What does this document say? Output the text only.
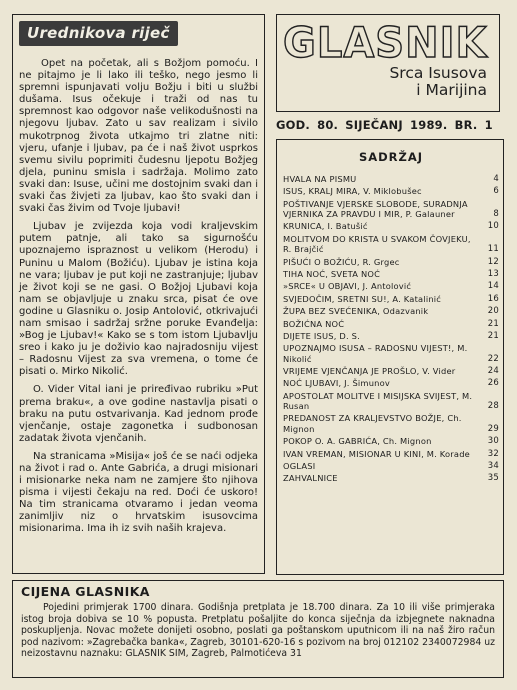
Urednikova riječ

Opet na početak, ali s Božjom pomoću. I ne pitajmo je li lako ili teško, nego jesmo li spremni ispunjavati volju Božju i biti u službi dušama. Isus očekuje i traži od nas tu spremnost kao odgovor naše velikodušnosti na njegovu ljubav. Zato u sav realizam i sivilo mukotrpnog života utkajmo tri zlatne niti: vjeru, ufanje i ljubav, pa će i naš život usprkos svemu sivilu poprimiti čudesnu ljepotu Božjeg djela, puninu smisla i sadržaja. Molimo zato svaki dan: Isuse, učini me dostojnim svaki dan i svaki čas živjeti za ljubav, kao što svaki dan i svaki čas živim od Tvoje ljubavi!

Ljubav je zvijezda koja vodi kraljevskim putem patnje, ali tako sa sigurnošću upoznajemo ispraznost u velikom (Herodu) i Puninu u Malom (Božiću). Ljubav je istina koja ne vara; ljubav je put koji ne zastranjuje; ljubav je život koji se ne gasi. O Božjoj Ljubavi koja nam se objavljuje u znaku srca, pisat će ove godine u Glasniku o. Josip Antolović, otkrivajući nam smisao i sadržaj sržne poruke Evanđelja: »Bog je Ljubav!« Kako se s tom istom Ljubavlju sreo i kako ju je doživio kao najradosniju vijest – Radosnu Vijest za sva vremena, o tome će pisati o. Mirko Nikolić.

O. Vider Vital iani je priređivao rubriku »Put prema braku«, a ove godine nastavlja pisati o braku na putu ostvarivanja. Kad jednom prođe vjenčanje, ostaje zagonetka i sudbonosan zadatak života vjenčanih.

Na stranicama »Misija« još će se naći odjeka na život i rad o. Ante Gabrića, a drugi misionari i misionarke neka nam ne zamjere što njihova pisma i vijesti čekaju na red. Doći će uskoro! Na tim stranicama otvaramo i jedan veoma zanimljiv niz o hrvatskim isusovcima misionarima. Ima ih iz svih naših krajeva.

GLASNIK
Srca Isusova
i Marijina
GOD. 80. SIJEČANJ 1989. BR. 1
SADRŽAJ
HVALA NA PISMU	4
ISUS, KRALJ MIRA, V. Miklobušec	6
POŠTIVANJE VJERSKE SLOBODE, SURADNJA VJERNIKA ZA PRAVDU I MIR, P. Galauner	8
KRUNICA, I. Batušić	10
MOLITVOM DO KRISTA U SVAKOM ČOVJEKU, R. Brajčić	11
PIŠUĆI O BOŽIĆU, R. Grgec	12
TIHA NOĆ, SVETA NOĆ	13
»SRCE« U OBJAVI, J. Antolović	14
SVJEDOČIM, SRETNI SU!, A. Katalinić	16
ŽUPA BEZ SVEĆENIKA, Odazvanik	20
BOŽIĆNA NOĆ	21
DIJETE ISUS, D. S.	21
UPOZNAJMO ISUSA – RADOSNU VIJEST!, M. Nikolić	22
VRIJEME VJENČANJA JE PROŠLO, V. Vider	24
NOĆ LJUBAVI, J. Šimunov	26
APOSTOLAT MOLITVE I MISIJSKA SVIJEST, M. Rusan	28
PREDANOST ZA KRALJEVSTVO BOŽJE, Ch. Mignon	29
POKOP O. A. GABRIĆA, Ch. Mignon	30
IVAN VREMAN, MISIONAR U KINI, M. Korade	32
OGLASI	34
ZAHVALNICE	35
CIJENA GLASNIKA

Pojedini primjerak 1700 dinara. Godišnja pretplata je 18.700 dinara. Za 10 ili više primjeraka istog broja dobiva se 10 % popusta. Pretplatu pošaljite do konca siječnja da izbjegnete naknadna poskupljenja. Novac možete donijeti osobno, poslati ga poštanskom uputnicom ili na naš žiro račun pod nazivom: »Zagrebačka banka«, Zagreb, 30101-620-16 s pozivom na broj 012102 2340072984 uz neizostavnu naznaku: GLASNIK SIM, Zagreb, Palmotićeva 31
